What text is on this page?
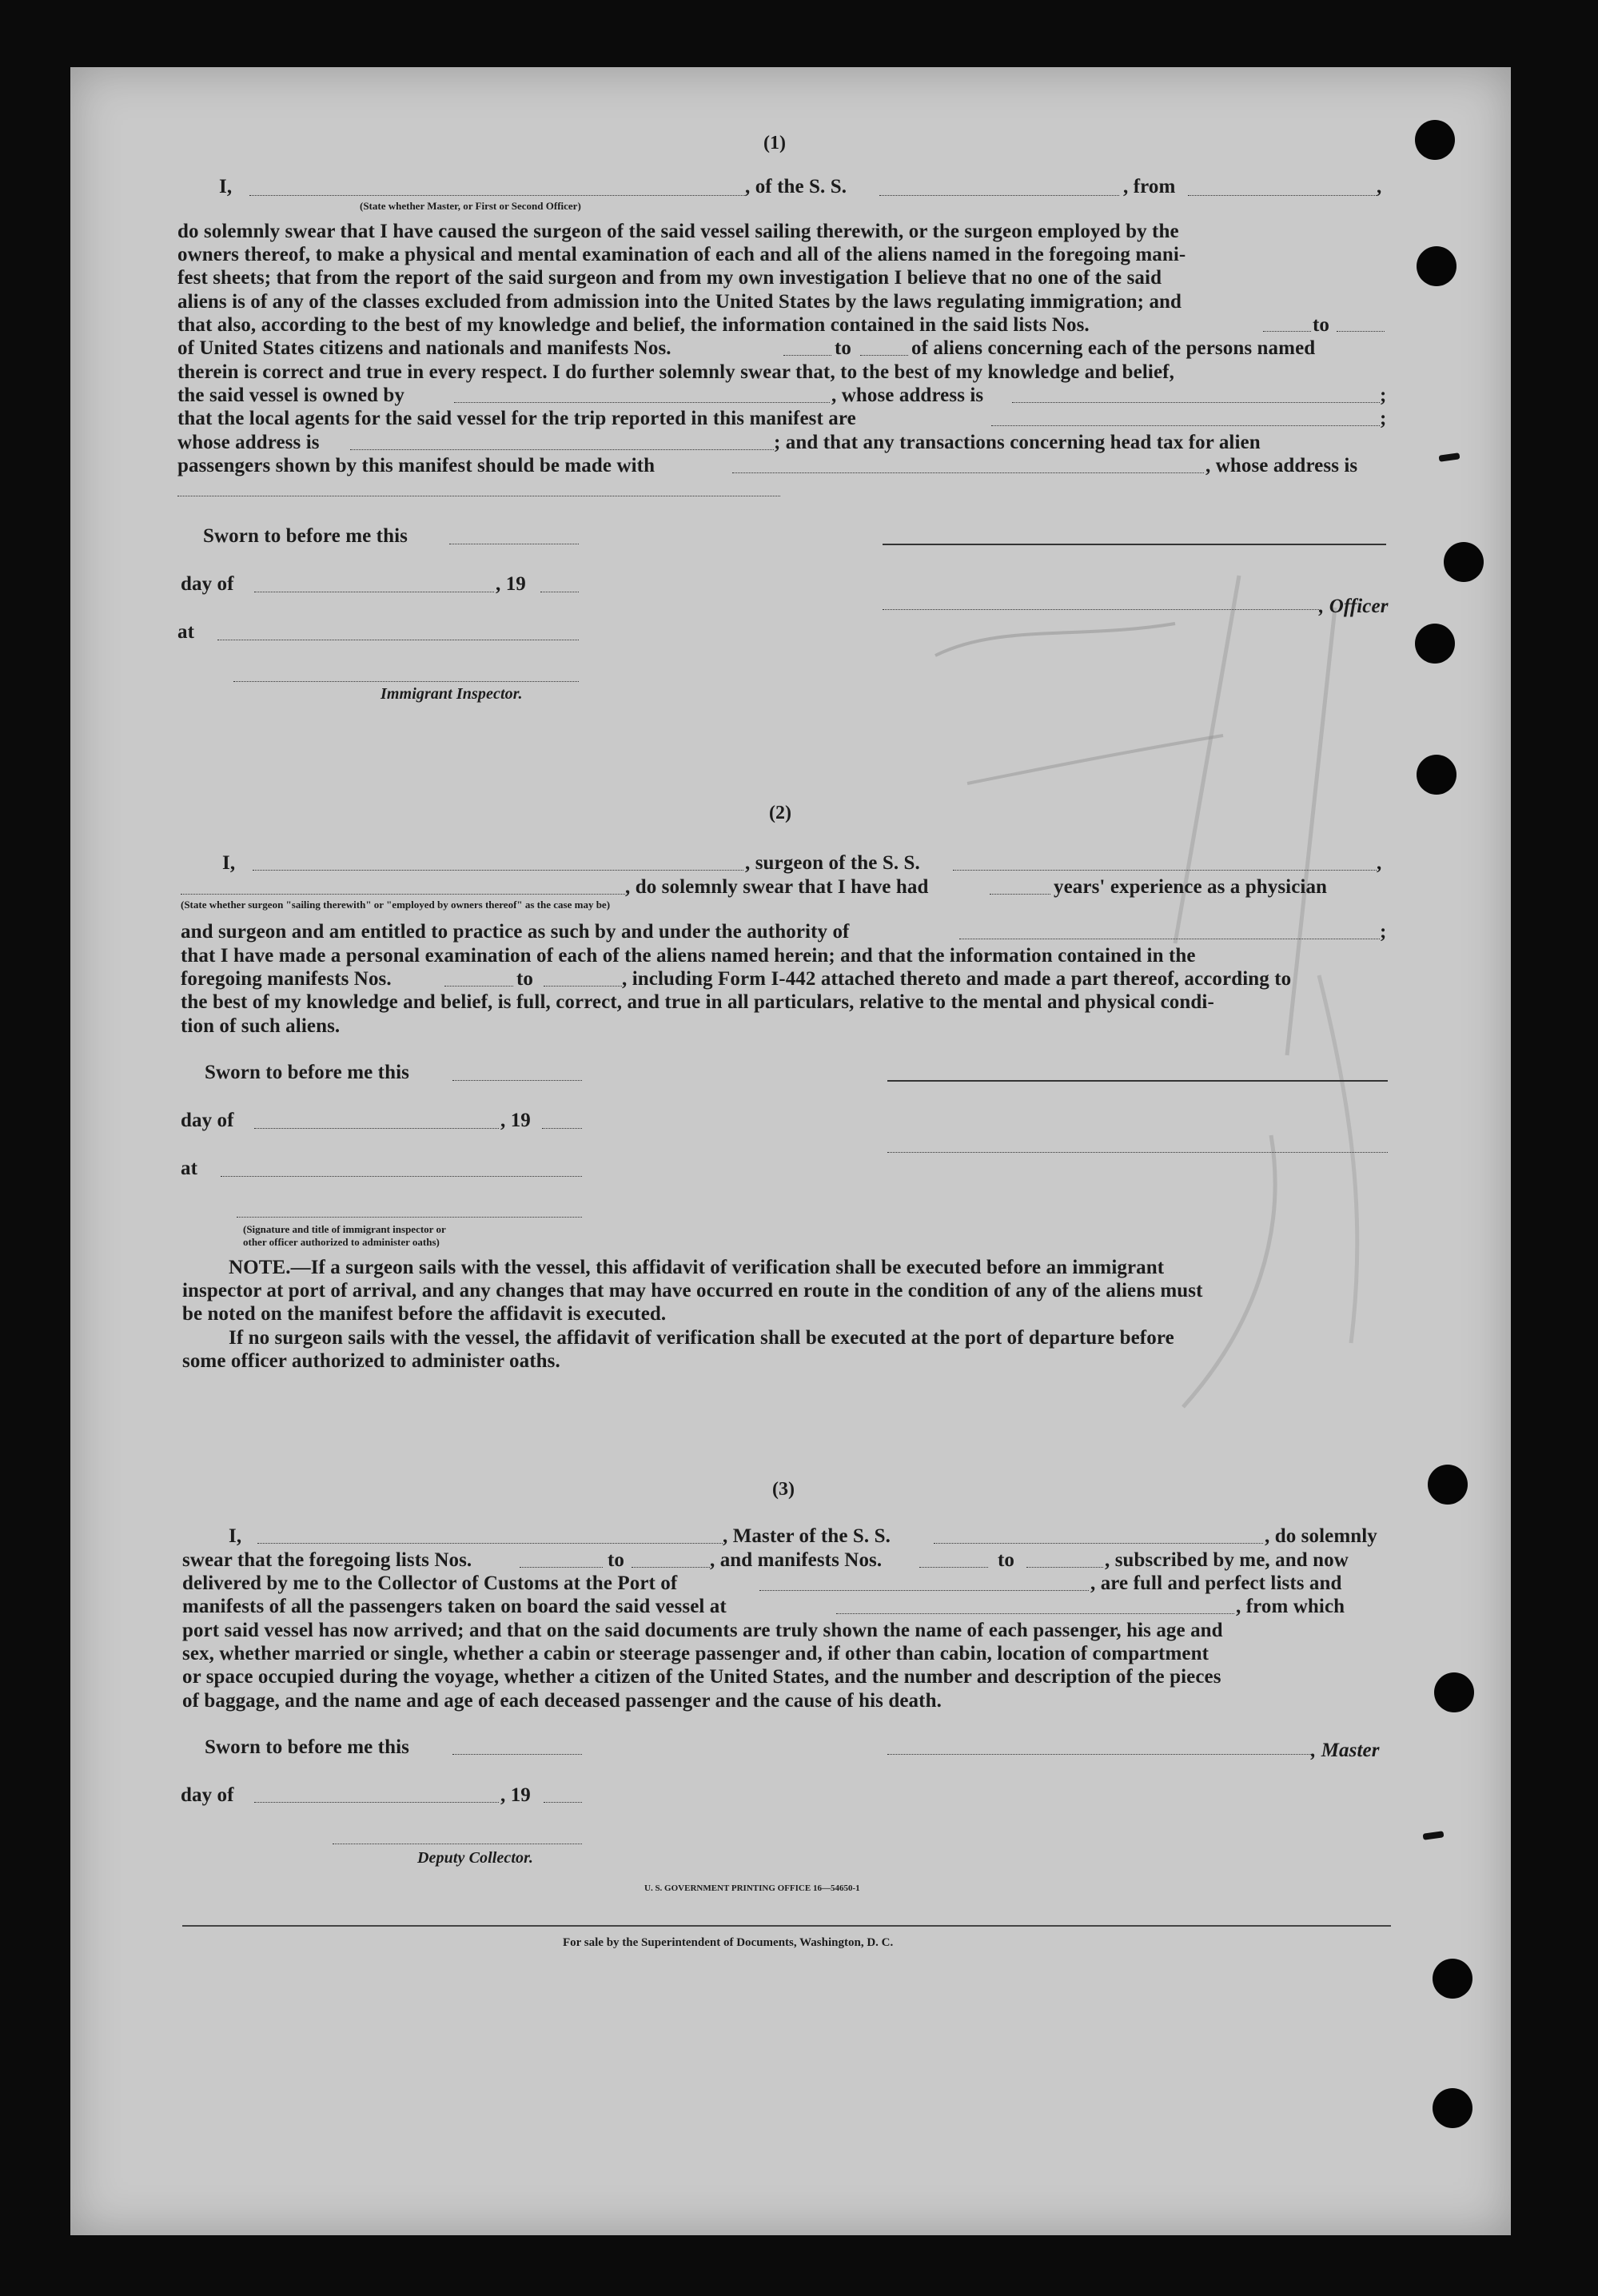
(1)
I,	, of the S. S.	, from	,
(State whether Master, or First or Second Officer)
do solemnly swear that I have caused the surgeon of the said vessel sailing therewith, or the surgeon employed by the
owners thereof, to make a physical and mental examination of each and all of the aliens named in the foregoing mani-
fest sheets; that from the report of the said surgeon and from my own investigation I believe that no one of the said
aliens is of any of the classes excluded from admission into the United States by the laws regulating immigration; and
that also, according to the best of my knowledge and belief, the information contained in the said lists Nos.	to
of United States citizens and nationals and manifests Nos.	to	of aliens concerning each of the persons named
therein is correct and true in every respect. I do further solemnly swear that, to the best of my knowledge and belief,
the said vessel is owned by	, whose address is	;
that the local agents for the said vessel for the trip reported in this manifest are	;
whose address is	; and that any transactions concerning head tax for alien
passengers shown by this manifest should be made with	, whose address is
Sworn to before me this
day of	, 19
, Officer
at
Immigrant Inspector.
(2)
I,	, surgeon of the S. S.	,
, do solemnly swear that I have had	years' experience as a physician
(State whether surgeon "sailing therewith" or "employed by owners thereof" as the case may be)
and surgeon and am entitled to practice as such by and under the authority of	;
that I have made a personal examination of each of the aliens named herein; and that the information contained in the
foregoing manifests Nos.	to	, including Form I-442 attached thereto and made a part thereof, according to
the best of my knowledge and belief, is full, correct, and true in all particulars, relative to the mental and physical condi-
tion of such aliens.
Sworn to before me this
day of	, 19
at
(Signature and title of immigrant inspector or
other officer authorized to administer oaths)
NOTE.—If a surgeon sails with the vessel, this affidavit of verification shall be executed before an immigrant
inspector at port of arrival, and any changes that may have occurred en route in the condition of any of the aliens must
be noted on the manifest before the affidavit is executed.
If no surgeon sails with the vessel, the affidavit of verification shall be executed at the port of departure before
some officer authorized to administer oaths.
(3)
I,	, Master of the S. S.	, do solemnly
swear that the foregoing lists Nos.	to	, and manifests Nos.	to	, subscribed by me, and now
delivered by me to the Collector of Customs at the Port of	, are full and perfect lists and
manifests of all the passengers taken on board the said vessel at	, from which
port said vessel has now arrived; and that on the said documents are truly shown the name of each passenger, his age and
sex, whether married or single, whether a cabin or steerage passenger and, if other than cabin, location of compartment
or space occupied during the voyage, whether a citizen of the United States, and the number and description of the pieces
of baggage, and the name and age of each deceased passenger and the cause of his death.
Sworn to before me this	, Master
day of	, 19
Deputy Collector.
U. S. GOVERNMENT PRINTING OFFICE 16—54650-1
For sale by the Superintendent of Documents, Washington, D. C.
